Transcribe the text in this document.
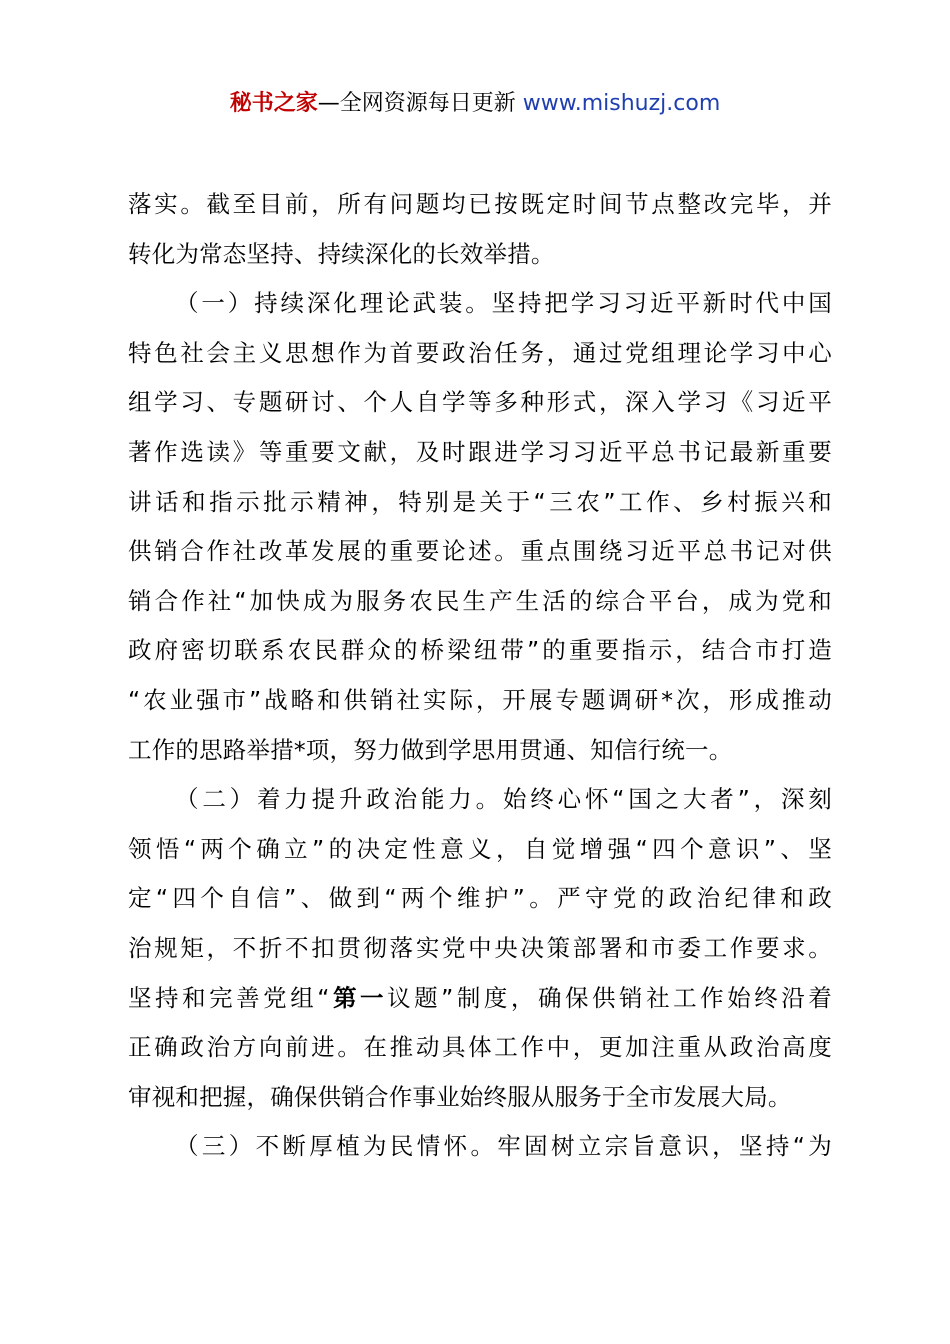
秘书之家—全网资源每日更新 www.mishuzj.com
落实。截至目前，所有问题均已按既定时间节点整改完毕，并
转化为常态坚持、持续深化的长效举措。
（一）持续深化理论武装。坚持把学习习近平新时代中国
特色社会主义思想作为首要政治任务，通过党组理论学习中心
组学习、专题研讨、个人自学等多种形式，深入学习《习近平
著作选读》等重要文献，及时跟进学习习近平总书记最新重要
讲话和指示批示精神，特别是关于“三农”工作、乡村振兴和
供销合作社改革发展的重要论述。重点围绕习近平总书记对供
销合作社“加快成为服务农民生产生活的综合平台，成为党和
政府密切联系农民群众的桥梁纽带”的重要指示，结合市打造
“农业强市”战略和供销社实际，开展专题调研*次，形成推动
工作的思路举措*项，努力做到学思用贯通、知信行统一。
（二）着力提升政治能力。始终心怀“国之大者”，深刻
领悟“两个确立”的决定性意义，自觉增强“四个意识”、坚
定“四个自信”、做到“两个维护”。严守党的政治纪律和政
治规矩，不折不扣贯彻落实党中央决策部署和市委工作要求。
坚持和完善党组“第一议题”制度，确保供销社工作始终沿着
正确政治方向前进。在推动具体工作中，更加注重从政治高度
审视和把握，确保供销合作事业始终服从服务于全市发展大局。
（三）不断厚植为民情怀。牢固树立宗旨意识，坚持“为
